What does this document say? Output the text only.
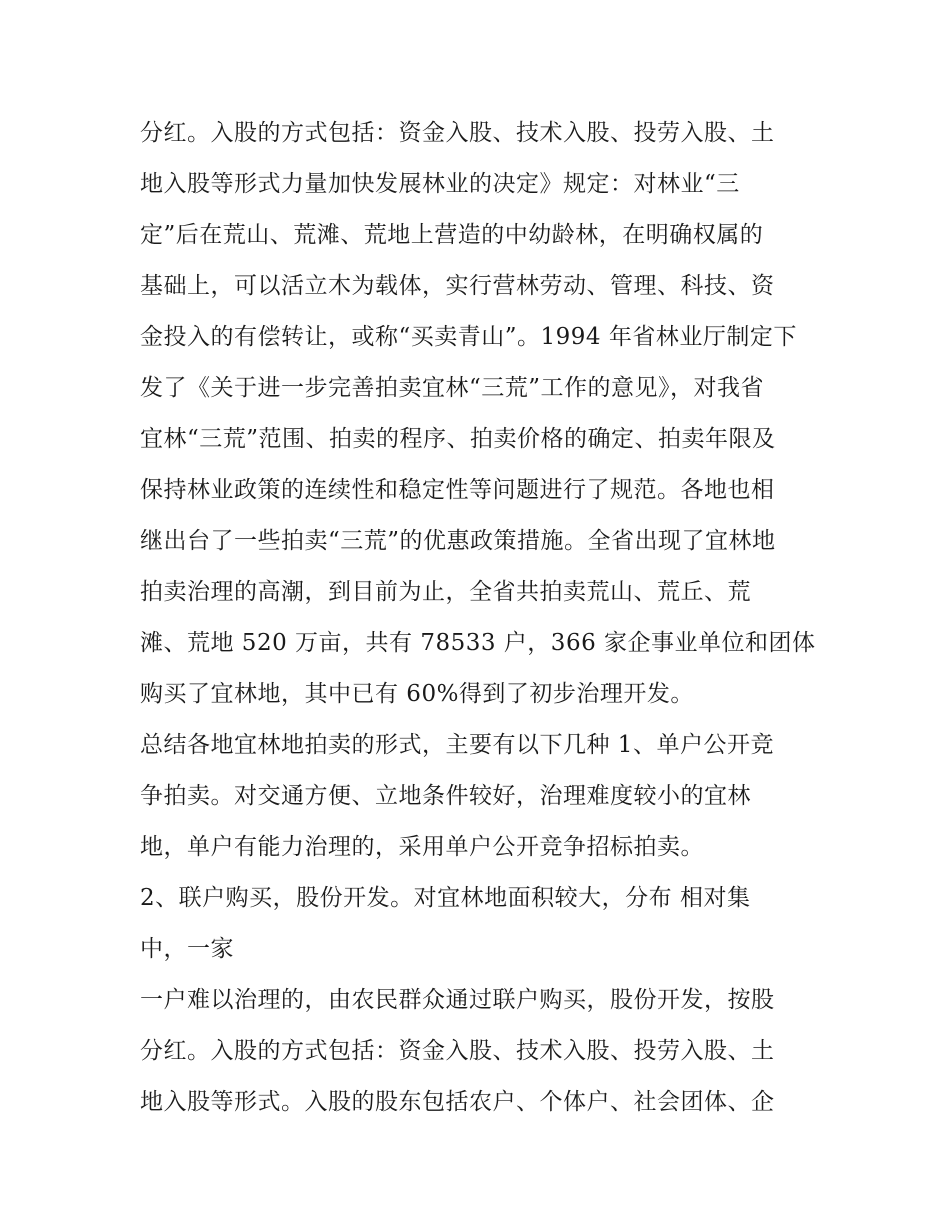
分红。入股的方式包括：资金入股、技术入股、投劳入股、土
地入股等形式力量加快发展林业的决定》规定：对林业“三
定”后在荒山、荒滩、荒地上营造的中幼龄林，在明确权属的
基础上，可以活立木为载体，实行营林劳动、管理、科技、资
金投入的有偿转让，或称“买卖青山”。1994 年省林业厅制定下
发了《关于进一步完善拍卖宜林“三荒”工作的意见》，对我省
宜林“三荒”范围、拍卖的程序、拍卖价格的确定、拍卖年限及
保持林业政策的连续性和稳定性等问题进行了规范。各地也相
继出台了一些拍卖“三荒”的优惠政策措施。全省出现了宜林地
拍卖治理的高潮，到目前为止，全省共拍卖荒山、荒丘、荒
滩、荒地 520 万亩，共有 78533 户，366 家企事业单位和团体
购买了宜林地，其中已有 60%得到了初步治理开发。
总结各地宜林地拍卖的形式，主要有以下几种 1、单户公开竞
争拍卖。对交通方便、立地条件较好，治理难度较小的宜林
地，单户有能力治理的，采用单户公开竞争招标拍卖。
2、联户购买，股份开发。对宜林地面积较大，分布 相对集
中，一家
一户难以治理的，由农民群众通过联户购买，股份开发，按股
分红。入股的方式包括：资金入股、技术入股、投劳入股、土
地入股等形式。入股的股东包括农户、个体户、社会团体、企
